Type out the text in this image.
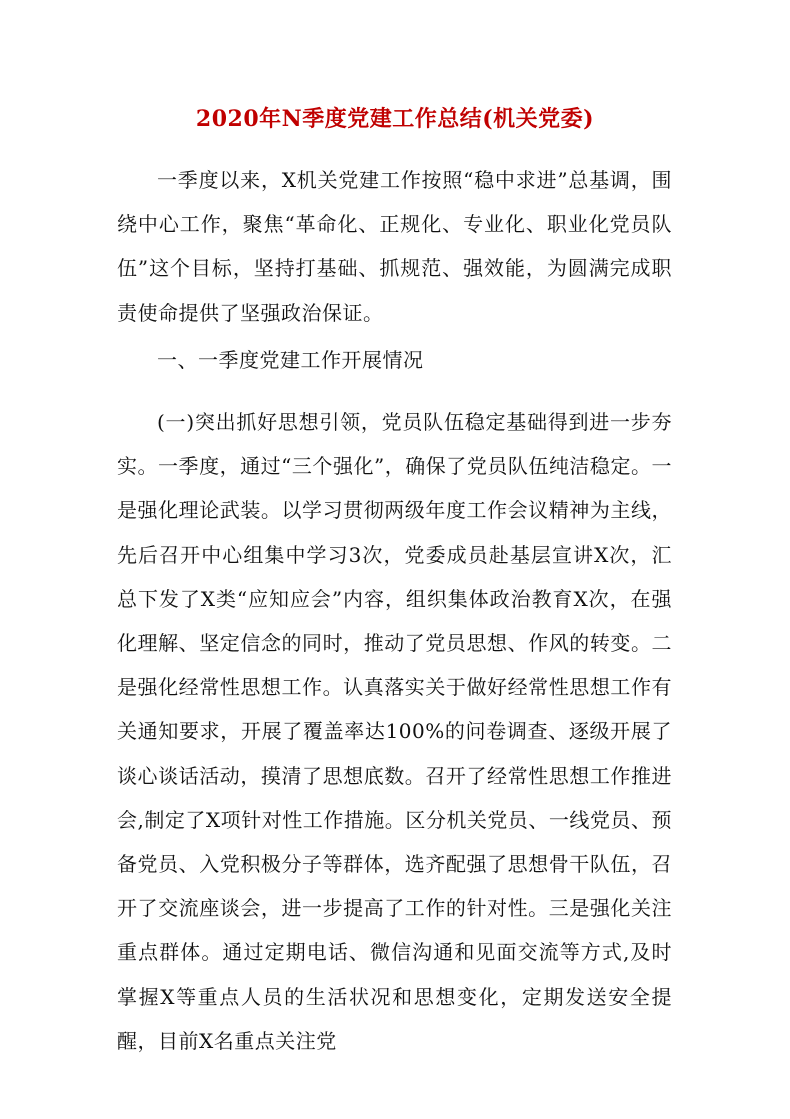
2020年N季度党建工作总结(机关党委)
一季度以来，X机关党建工作按照“稳中求进”总基调，围绕中心工作，聚焦“革命化、正规化、专业化、职业化党员队伍”这个目标，坚持打基础、抓规范、强效能，为圆满完成职责使命提供了坚强政治保证。
一、一季度党建工作开展情况
(一)突出抓好思想引领，党员队伍稳定基础得到进一步夯实。一季度，通过“三个强化”，确保了党员队伍纯洁稳定。一是强化理论武装。以学习贯彻两级年度工作会议精神为主线，先后召开中心组集中学习3次，党委成员赴基层宣讲X次，汇总下发了X类“应知应会”内容，组织集体政治教育X次，在强化理解、坚定信念的同时，推动了党员思想、作风的转变。二是强化经常性思想工作。认真落实关于做好经常性思想工作有关通知要求，开展了覆盖率达100%的问卷调查、逐级开展了谈心谈话活动，摸清了思想底数。召开了经常性思想工作推进会,制定了X项针对性工作措施。区分机关党员、一线党员、预备党员、入党积极分子等群体，选齐配强了思想骨干队伍，召开了交流座谈会，进一步提高了工作的针对性。三是强化关注重点群体。通过定期电话、微信沟通和见面交流等方式,及时掌握X等重点人员的生活状况和思想变化，定期发送安全提醒，目前X名重点关注党
